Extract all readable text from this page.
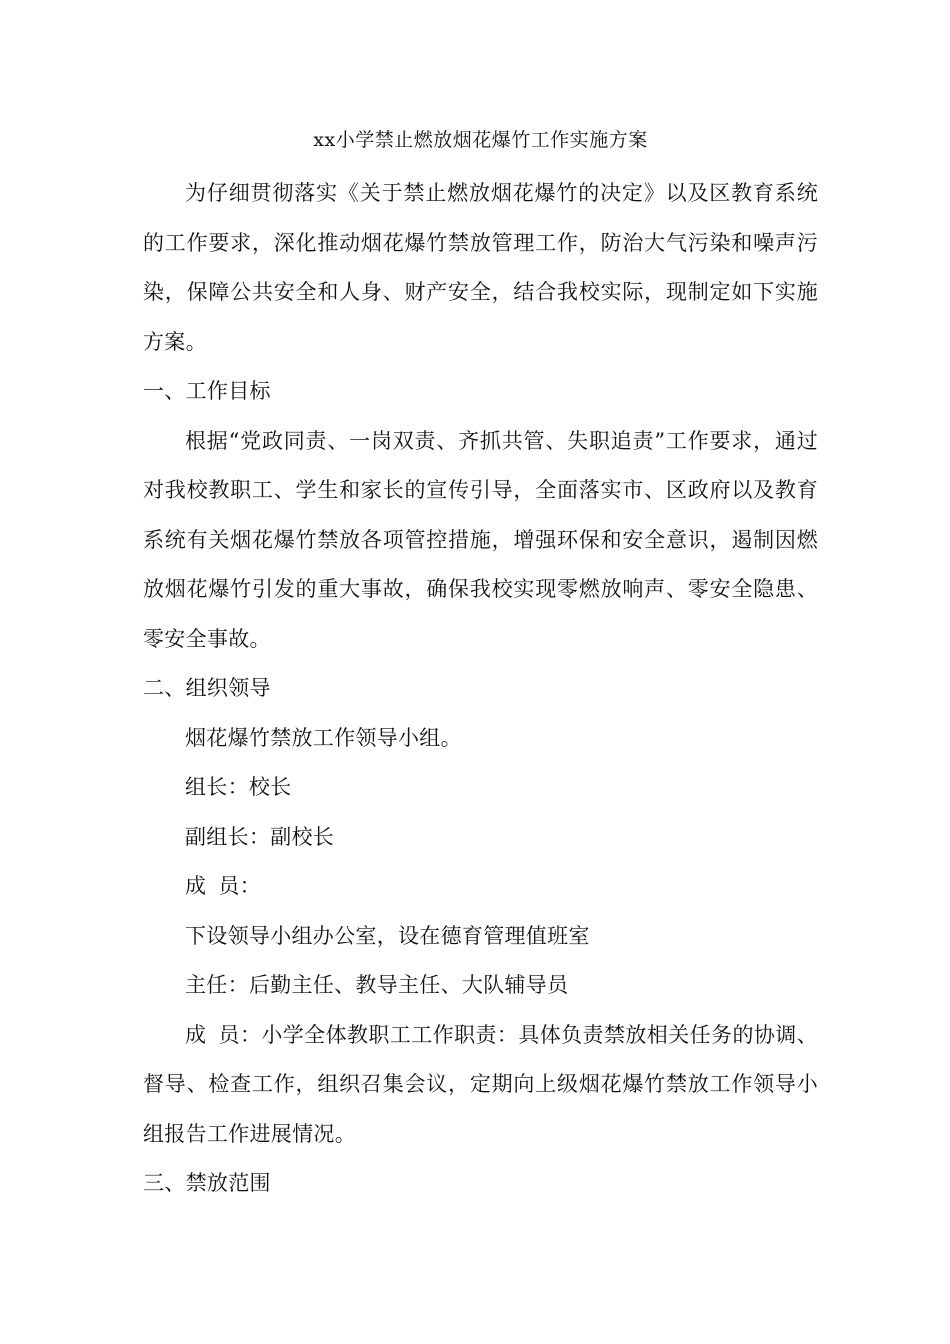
xx小学禁止燃放烟花爆竹工作实施方案

为仔细贯彻落实《关于禁止燃放烟花爆竹的决定》以及区教育系统的工作要求，深化推动烟花爆竹禁放管理工作，防治大气污染和噪声污染，保障公共安全和人身、财产安全，结合我校实际，现制定如下实施方案。

一、工作目标

根据“党政同责、一岗双责、齐抓共管、失职追责”工作要求，通过对我校教职工、学生和家长的宣传引导，全面落实市、区政府以及教育系统有关烟花爆竹禁放各项管控措施，增强环保和安全意识，遏制因燃放烟花爆竹引发的重大事故，确保我校实现零燃放响声、零安全隐患、零安全事故。

二、组织领导

烟花爆竹禁放工作领导小组。

组长：校长

副组长：副校长

成 员：

下设领导小组办公室，设在德育管理值班室

主任：后勤主任、教导主任、大队辅导员

成 员：小学全体教职工工作职责：具体负责禁放相关任务的协调、督导、检查工作，组织召集会议，定期向上级烟花爆竹禁放工作领导小组报告工作进展情况。

三、禁放范围
